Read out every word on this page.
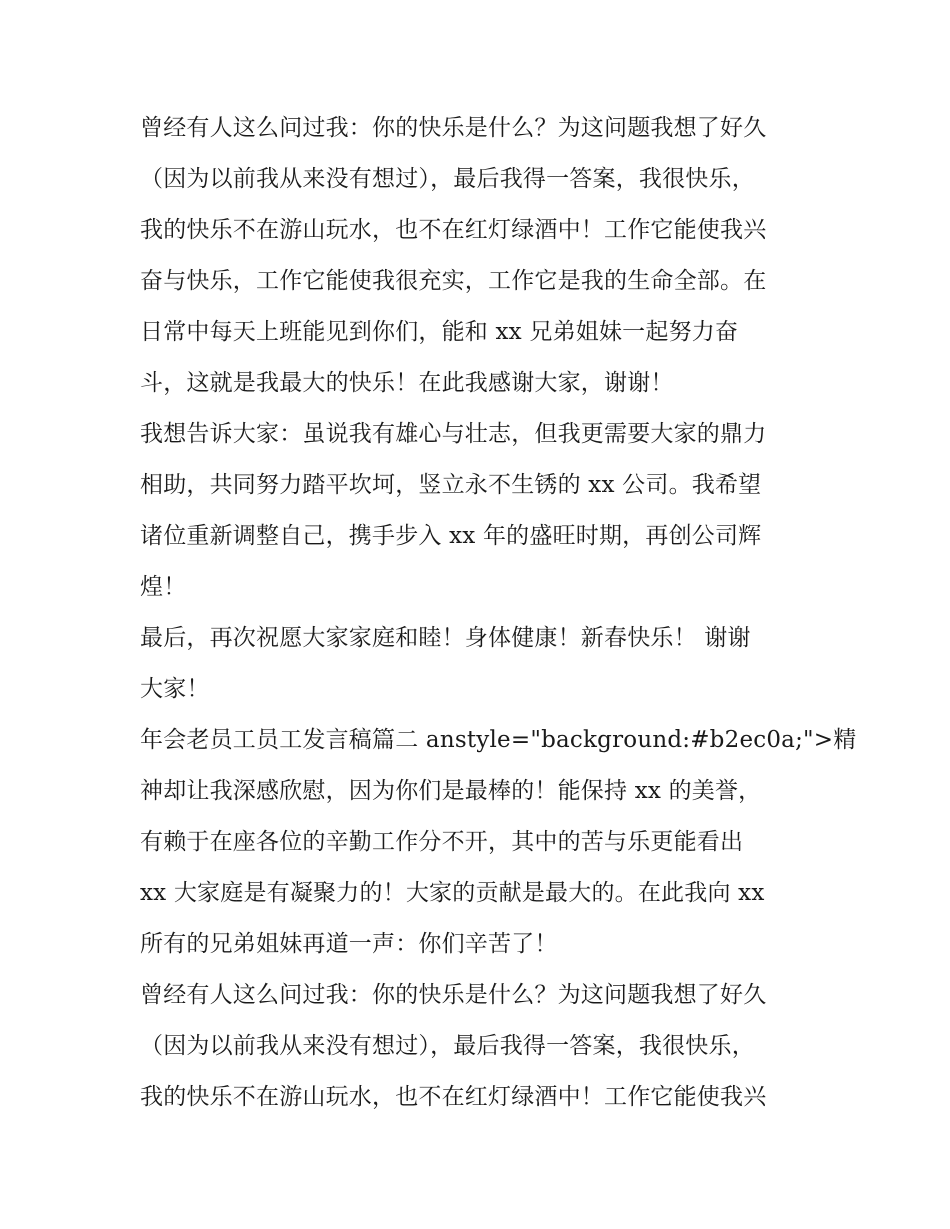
曾经有人这么问过我：你的快乐是什么？为这问题我想了好久
（因为以前我从来没有想过），最后我得一答案，我很快乐，
我的快乐不在游山玩水，也不在红灯绿酒中！工作它能使我兴
奋与快乐，工作它能使我很充实，工作它是我的生命全部。在
日常中每天上班能见到你们，能和 xx 兄弟姐妹一起努力奋
斗，这就是我最大的快乐！在此我感谢大家，谢谢！
我想告诉大家：虽说我有雄心与壮志，但我更需要大家的鼎力
相助，共同努力踏平坎坷，竖立永不生锈的 xx 公司。我希望
诸位重新调整自己，携手步入 xx 年的盛旺时期，再创公司辉
煌！
最后，再次祝愿大家家庭和睦！身体健康！新春快乐！ 谢谢
大家！
年会老员工员工发言稿篇二 anstyle="background:#b2ec0a;">精
神却让我深感欣慰，因为你们是最棒的！能保持 xx 的美誉，
有赖于在座各位的辛勤工作分不开，其中的苦与乐更能看出
xx 大家庭是有凝聚力的！大家的贡献是最大的。在此我向 xx
所有的兄弟姐妹再道一声：你们辛苦了！
曾经有人这么问过我：你的快乐是什么？为这问题我想了好久
（因为以前我从来没有想过），最后我得一答案，我很快乐，
我的快乐不在游山玩水，也不在红灯绿酒中！工作它能使我兴
